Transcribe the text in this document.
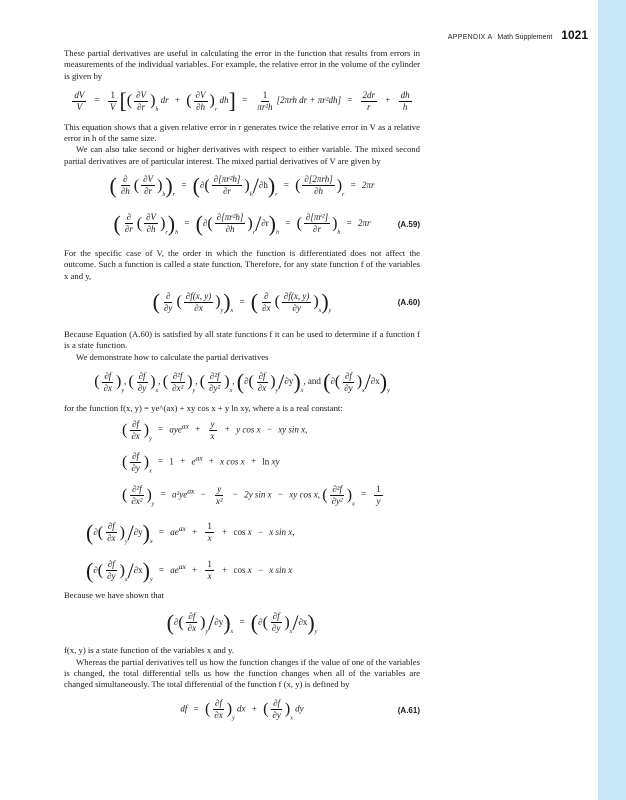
APPENDIX A Math Supplement 1021

These partial derivatives are useful in calculating the error in the function that results from errors in measurements of the individual variables. For example, the relative error in the volume of the cylinder is given by

$\frac{dV}{V} = \frac{1}{V}$ [( $\frac{\partial V}{\partial r} )_h$ dr + ( $\frac{\partial V}{\partial h} )_r$ $dh] = \frac{1}{\text{πr²h}} [2\pi rh$ dr + $\pi r^2dh] = \frac{2dr}{r} + \frac{dh}{h}$

This equation shows that a given relative error in r generates twice the relative error in V as a relative error in h of the same size.

We can also take second or higher derivatives with respect to either variable. The mixed second partial derivatives are of particular interest. The mixed partial derivatives of V are given by

( $\frac{\partial}{\partial h}$ ( $\frac{\partial V}{\partial r} )_h)_r$ = (∂( $\frac{\text{∂[πr²h]}}{\partial r} )_h/\partial h)_r$ = ( $\frac{\text{∂[2πrh]}}{\partial h} )_r = 2\pi r$
( $\frac{\partial}{\partial r}$ ( $\frac{\partial V}{\partial h} )_r)_h$ = (∂( $\frac{\text{∂[πr²h]}}{\partial h} )_r/\partial r)_h$ = ( $\frac{\text{∂[πr²]}}{\partial r} )_h = 2\pi r$	(A.59)

For the specific case of V, the order in which the function is differentiated does not affect the outcome. Such a function is called a state function. Therefore, for any state function f of the variables x and y,

( $\frac{\partial}{\partial y}$ ( $\frac{\partial f(x, y)}{\partial x} )_y)_x$ = ( $\frac{\partial}{\partial x}$ ( $\frac{\partial f(x, y)}{\partial y} )_x)_y$
(A.60)

Because Equation (A.60) is satisfied by all state functions f it can be used to determine if a function f is a state function.

We demonstrate how to calculate the partial derivatives

( $\frac{\partial f}{\partial x} )_y$, ( $\frac{\partial f}{\partial y} )_x$, ( $\frac{\text{∂²f}}{\text{∂x²}} )_y$, ( $\frac{\text{∂²f}}{\text{∂y²}} )_x$, (∂( $\frac{\partial f}{\partial x} )_y/\partial y)_x$, and (∂( $\frac{\partial f}{\partial y} )_x/\partial x)_y$

for the function f(x, y) = ye^(ax) + xy cos x + y ln xy, where a is a real constant:

( $\frac{\partial f}{\partial x} )_y = aye^{ax} + \frac{y}{x} + y$ cos x − xy sin x,
( $\frac{\partial f}{\partial y} )_x = 1 + e^{ax} + x$ cos x + ln xy
( $\frac{\text{∂²f}}{\text{∂x²}} )_y = a^2ye^{ax} - \frac{y}{\text{x²}} - 2y$ sin x − xy cos x, ( $\frac{\text{∂²f}}{\text{∂y²}} )_x = \frac{1}{y}$
(∂( $\frac{\partial f}{\partial x} )_y/\partial y)_x = ae^{ax} + \frac{1}{x} + \cos x - x$ sin x,
(∂( $\frac{\partial f}{\partial y} )_x/\partial x)_y = ae^{ax} + \frac{1}{x} + \cos x - x$ sin x

Because we have shown that

(∂( $\frac{\partial f}{\partial x} )_y/\partial y)_x$ = (∂( $\frac{\partial f}{\partial y} )_x/\partial x)_y$

f(x, y) is a state function of the variables x and y.

Whereas the partial derivatives tell us how the function changes if the value of one of the variables is changed, the total differential tells us how the function changes when all of the variables are changed simultaneously. The total differential of the function f (x, y) is defined by

df = ( $\frac{\partial f}{\partial x} )_y$ dx + ( $\frac{\partial f}{\partial y} )_x$ dy	(A.61)
